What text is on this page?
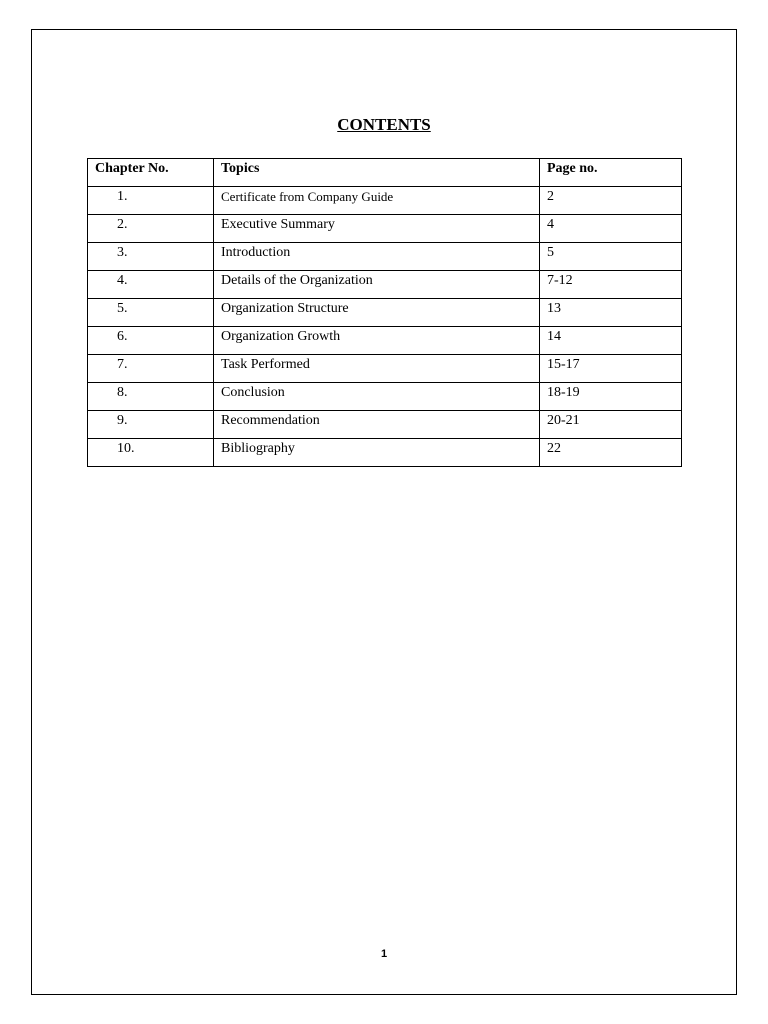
CONTENTS
Chapter No.	Topics	Page no.
1.	Certificate from Company Guide	2
2.	Executive Summary	4
3.	Introduction	5
4.	Details of the Organization	7-12
5.	Organization Structure	13
6.	Organization Growth	14
7.	Task Performed	15-17
8.	Conclusion	18-19
9.	Recommendation	20-21
10.	Bibliography	22
1
